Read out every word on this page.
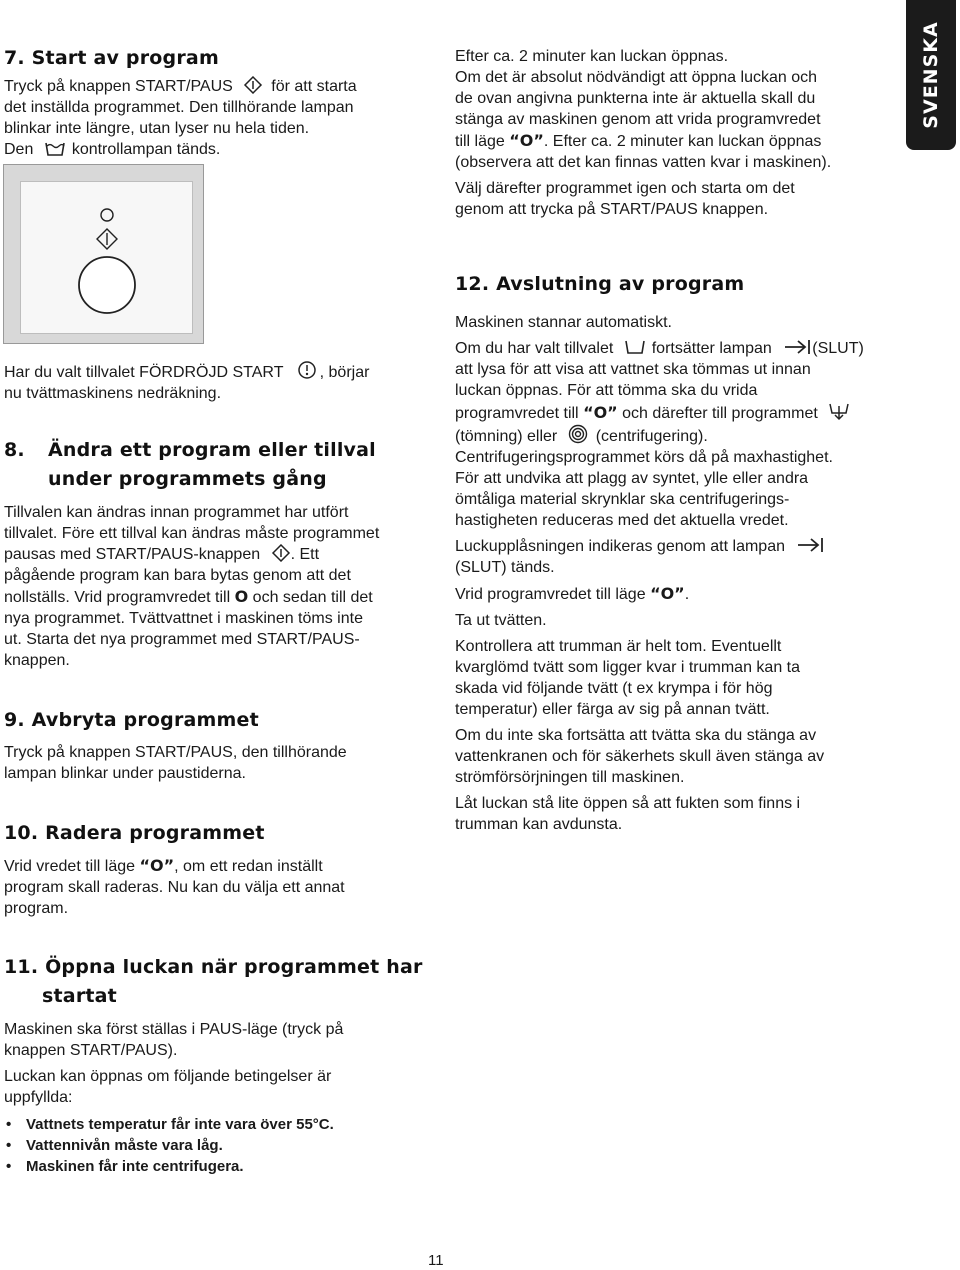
SVENSKA
7. Start av program
Tryck på knappen START/PAUS för att starta
det inställda programmet. Den tillhörande lampan
blinkar inte längre, utan lyser nu hela tiden.
Den kontrollampan tänds.
Har du valt tillvalet FÖRDRÖJD START , börjar
nu tvättmaskinens nedräkning.
8. Ändra ett program eller tillval
under programmets gång
Tillvalen kan ändras innan programmet har utfört
tillvalet. Före ett tillval kan ändras måste programmet
pausas med START/PAUS-knappen . Ett
pågående program kan bara bytas genom att det
nollställs. Vrid programvredet till O och sedan till det
nya programmet. Tvättvattnet i maskinen töms inte
ut. Starta det nya programmet med START/PAUS-
knappen.
9. Avbryta programmet
Tryck på knappen START/PAUS, den tillhörande
lampan blinkar under paustiderna.
10. Radera programmet
Vrid vredet till läge “O”, om ett redan inställt
program skall raderas. Nu kan du välja ett annat
program.
11. Öppna luckan när programmet har
startat
Maskinen ska först ställas i PAUS-läge (tryck på
knappen START/PAUS).
Luckan kan öppnas om följande betingelser är
uppfyllda:
• Vattnets temperatur får inte vara över 55°C.
• Vattennivån måste vara låg.
• Maskinen får inte centrifugera.
Efter ca. 2 minuter kan luckan öppnas.
Om det är absolut nödvändigt att öppna luckan och
de ovan angivna punkterna inte är aktuella skall du
stänga av maskinen genom att vrida programvredet
till läge “O”. Efter ca. 2 minuter kan luckan öppnas
(observera att det kan finnas vatten kvar i maskinen).
Välj därefter programmet igen och starta om det
genom att trycka på START/PAUS knappen.
12. Avslutning av program
Maskinen stannar automatiskt.
Om du har valt tillvalet fortsätter lampan	(SLUT)
att lysa för att visa att vattnet ska tömmas ut innan
luckan öppnas. För att tömma ska du vrida
programvredet till “O” och därefter till programmet
(tömning) eller (centrifugering).
Centrifugeringsprogrammet körs då på maxhastighet.
För att undvika att plagg av syntet, ylle eller andra
ömtåliga material skrynklar ska centrifugerings-
hastigheten reduceras med det aktuella vredet.
Luckupplåsningen indikeras genom att lampan
(SLUT) tänds.
Vrid programvredet till läge “O”.
Ta ut tvätten.
Kontrollera att trumman är helt tom. Eventuellt
kvarglömd tvätt som ligger kvar i trumman kan ta
skada vid följande tvätt (t ex krympa i för hög
temperatur) eller färga av sig på annan tvätt.
Om du inte ska fortsätta att tvätta ska du stänga av
vattenkranen och för säkerhets skull även stänga av
strömförsörjningen till maskinen.
Låt luckan stå lite öppen så att fukten som finns i
trumman kan avdunsta.
11
